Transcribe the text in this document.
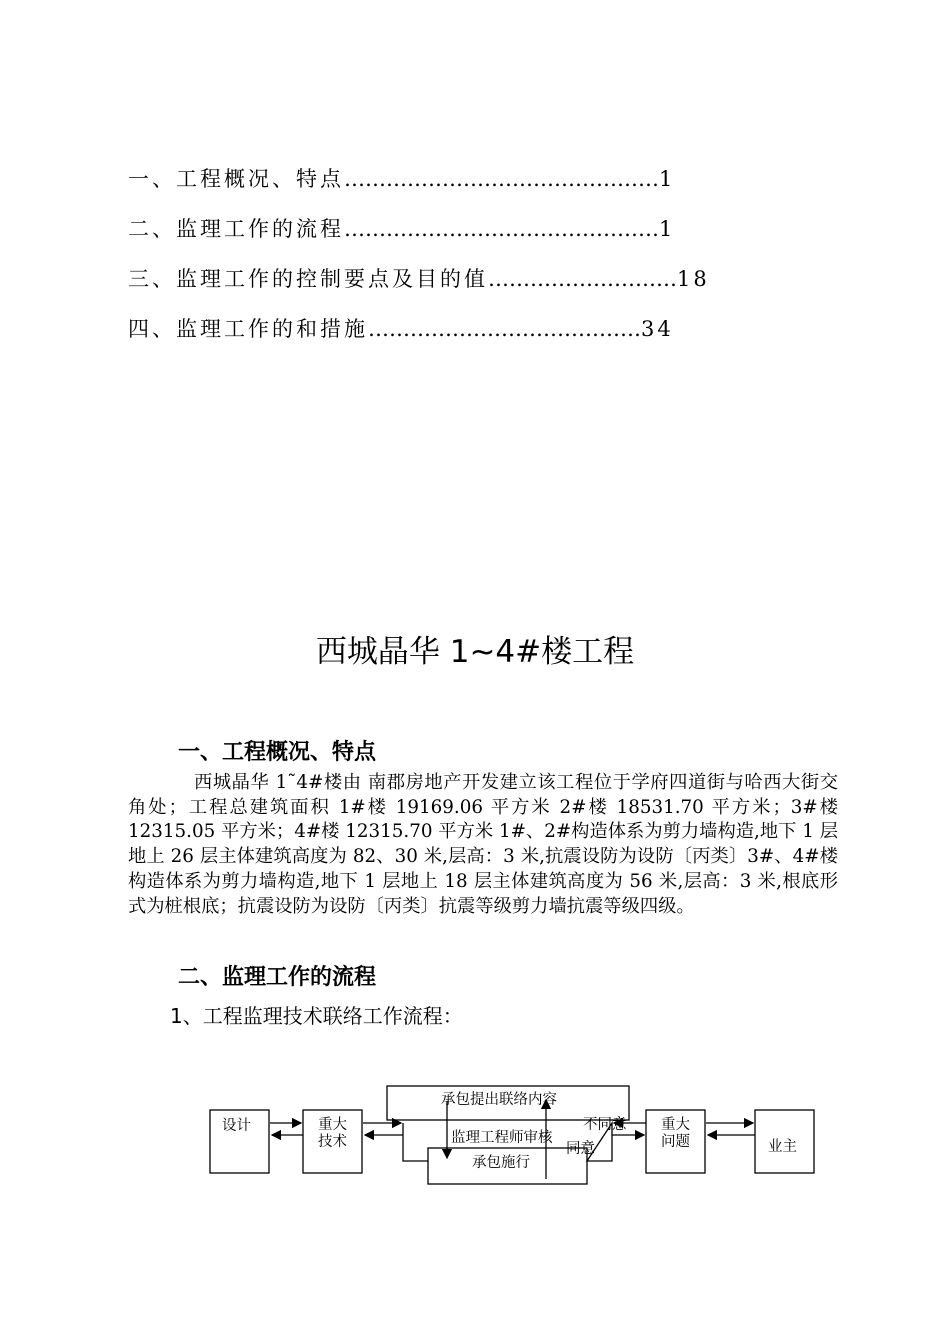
一、工程概况、特点………………………………………1
二、监理工作的流程………………………………………1
三、监理工作的控制要点及目的值………………………18
四、监理工作的和措施…………………………………34
西城晶华 1~4#楼工程
一、工程概况、特点
西城晶华 1˜4#楼由 南郡房地产开发建立该工程位于学府四道街与哈西大街交角处；工程总建筑面积 1#楼 19169.06 平方米 2#楼 18531.70 平方米；3#楼 12315.05 平方米；4#楼 12315.70 平方米 1#、2#构造体系为剪力墙构造,地下 1 层地上 26 层主体建筑高度为 82、30 米,层高：3 米,抗震设防为设防〔丙类〕3#、4#楼构造体系为剪力墙构造,地下 1 层地上 18 层主体建筑高度为 56 米,层高：3 米,根底形式为桩根底；抗震设防为设防〔丙类〕抗震等级剪力墙抗震等级四级。
二、监理工作的流程
1、工程监理技术联络工作流程：
设计	重大
技术
承包提出联络内容
监理工程师审核
承包施行
不同意
同意
重大
问题	业主
